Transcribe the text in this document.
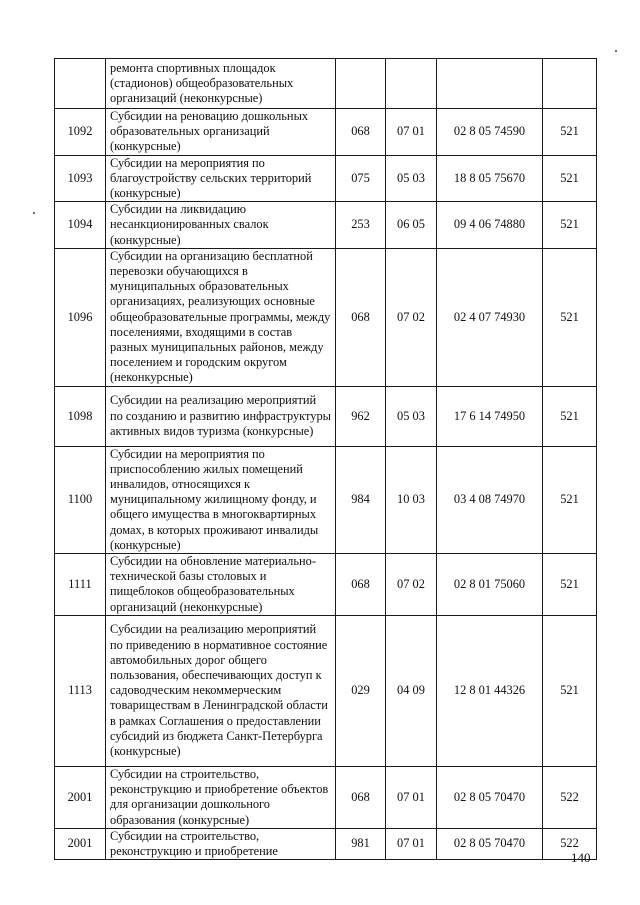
	ремонта спортивных площадок (стадионов) общеобразовательных организаций (неконкурсные)				
1092	Субсидии на реновацию дошкольных образовательных организаций (конкурсные)	068	07 01	02 8 05 74590	521
1093	Субсидии на мероприятия по благоустройству сельских территорий (конкурсные)	075	05 03	18 8 05 75670	521
1094	Субсидии на ликвидацию несанкционированных свалок (конкурсные)	253	06 05	09 4 06 74880	521
1096	Субсидии на организацию бесплатной перевозки обучающихся в муниципальных образовательных организациях, реализующих основные общеобразовательные программы, между поселениями, входящими в состав разных муниципальных районов, между поселением и городским округом (неконкурсные)	068	07 02	02 4 07 74930	521
1098	Субсидии на реализацию мероприятий по созданию и развитию инфраструктуры активных видов туризма (конкурсные)	962	05 03	17 6 14 74950	521
1100	Субсидии на мероприятия по приспособлению жилых помещений инвалидов, относящихся к муниципальному жилищному фонду, и общего имущества в многоквартирных домах, в которых проживают инвалиды (конкурсные)	984	10 03	03 4 08 74970	521
1111	Субсидии на обновление материально-технической базы столовых и пищеблоков общеобразовательных организаций (неконкурсные)	068	07 02	02 8 01 75060	521
1113	Субсидии на реализацию мероприятий по приведению в нормативное состояние автомобильных дорог общего пользования, обеспечивающих доступ к садоводческим некоммерческим товариществам в Ленинградской области в рамках Соглашения о предоставлении субсидий из бюджета Санкт-Петербурга (конкурсные)	029	04 09	12 8 01 44326	521
2001	Субсидии на строительство, реконструкцию и приобретение объектов для организации дошкольного образования (конкурсные)	068	07 01	02 8 05 70470	522
2001	Субсидии на строительство, реконструкцию и приобретение	981	07 01	02 8 05 70470	522
140
